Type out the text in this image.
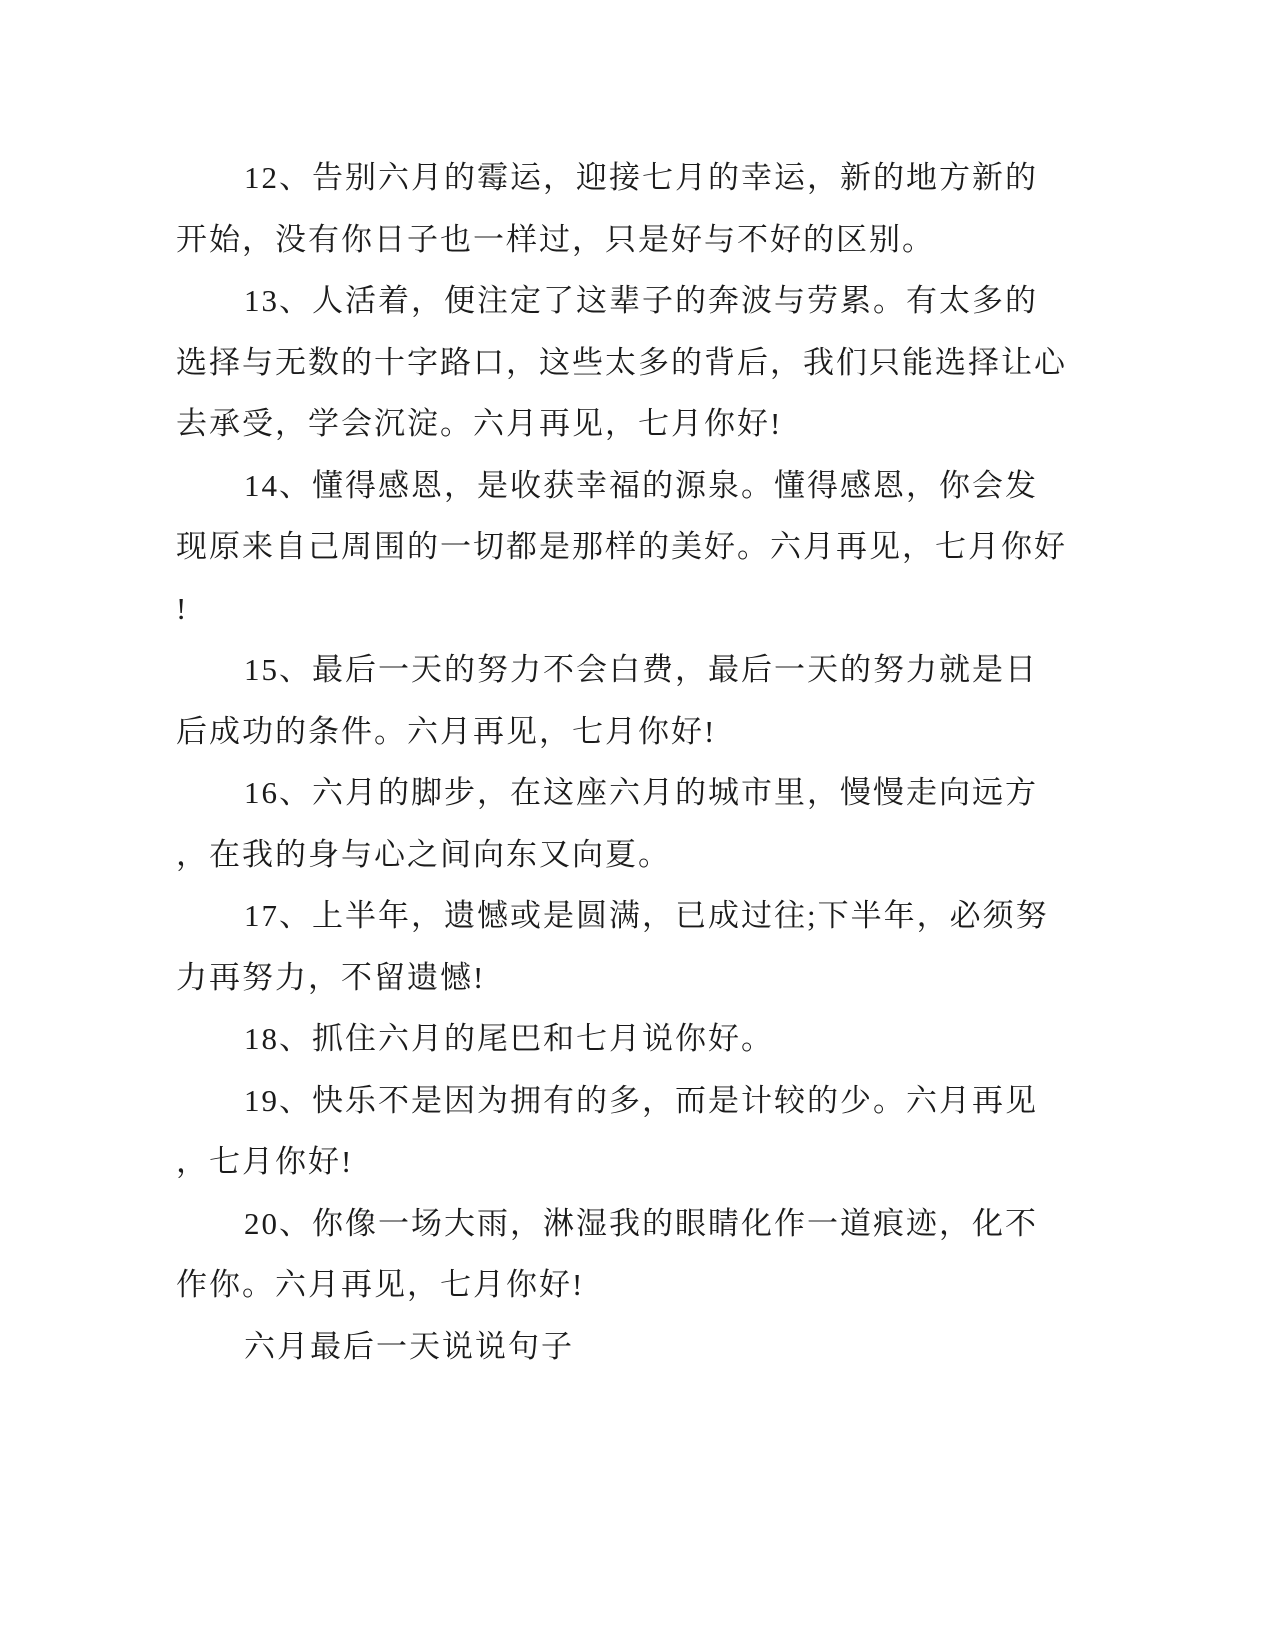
12、告别六月的霉运，迎接七月的幸运，新的地方新的开始，没有你日子也一样过，只是好与不好的区别。

13、人活着，便注定了这辈子的奔波与劳累。有太多的选择与无数的十字路口，这些太多的背后，我们只能选择让心去承受，学会沉淀。六月再见，七月你好!

14、懂得感恩，是收获幸福的源泉。懂得感恩，你会发现原来自己周围的一切都是那样的美好。六月再见，七月你好!

15、最后一天的努力不会白费，最后一天的努力就是日后成功的条件。六月再见，七月你好!

16、六月的脚步，在这座六月的城市里，慢慢走向远方，在我的身与心之间向东又向夏。

17、上半年，遗憾或是圆满，已成过往;下半年，必须努力再努力，不留遗憾!

18、抓住六月的尾巴和七月说你好。

19、快乐不是因为拥有的多，而是计较的少。六月再见，七月你好!

20、你像一场大雨，淋湿我的眼睛化作一道痕迹，化不作你。六月再见，七月你好!

六月最后一天说说句子
